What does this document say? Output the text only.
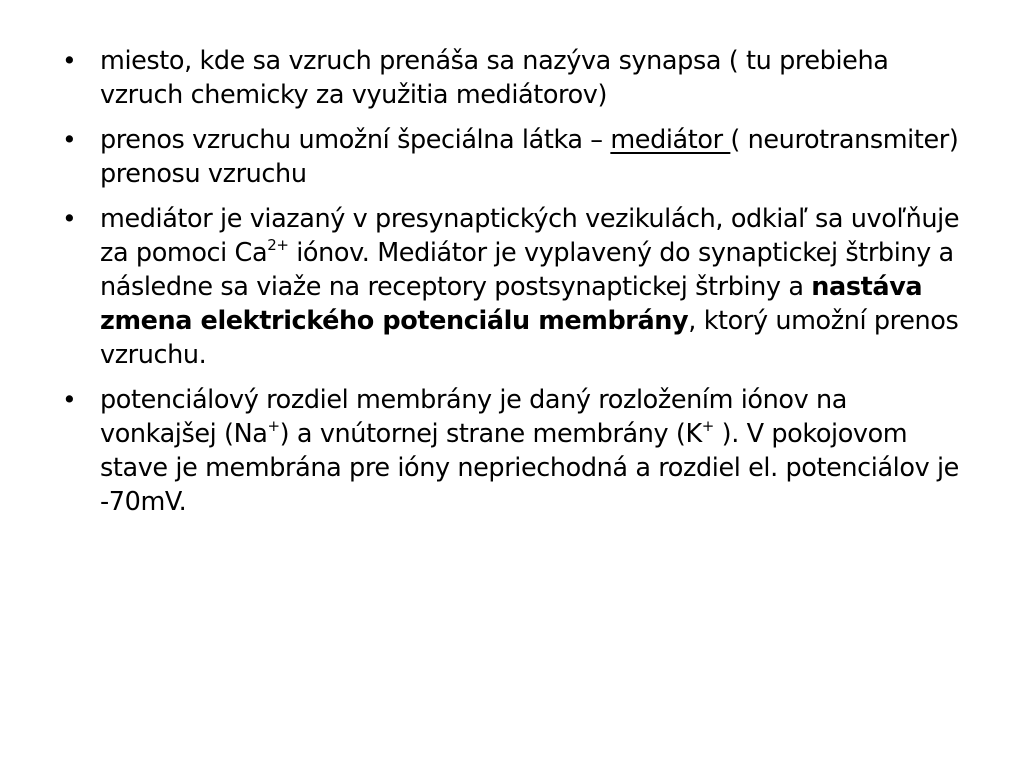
• miesto, kde sa vzruch prenáša sa nazýva synapsa ( tu prebieha vzruch chemicky za využitia mediátorov)
• prenos vzruchu umožní špeciálna látka – mediátor ( neurotransmiter) prenosu vzruchu
• mediátor je viazaný v presynaptických vezikulách, odkiaľ sa uvoľňuje za pomoci $Ca^{2+}$ iónov. Mediátor je vyplavený do synaptickej štrbiny a následne sa viaže na receptory postsynaptickej štrbiny a nastáva zmena elektrického potenciálu membrány, ktorý umožní prenos vzruchu.
• potenciálový rozdiel membrány je daný rozložením iónov na vonkajšej (Na+) a vnútornej strane membrány (K+ ). V pokojovom stave je membrána pre ióny nepriechodná a rozdiel el. potenciálov je -70mV.
